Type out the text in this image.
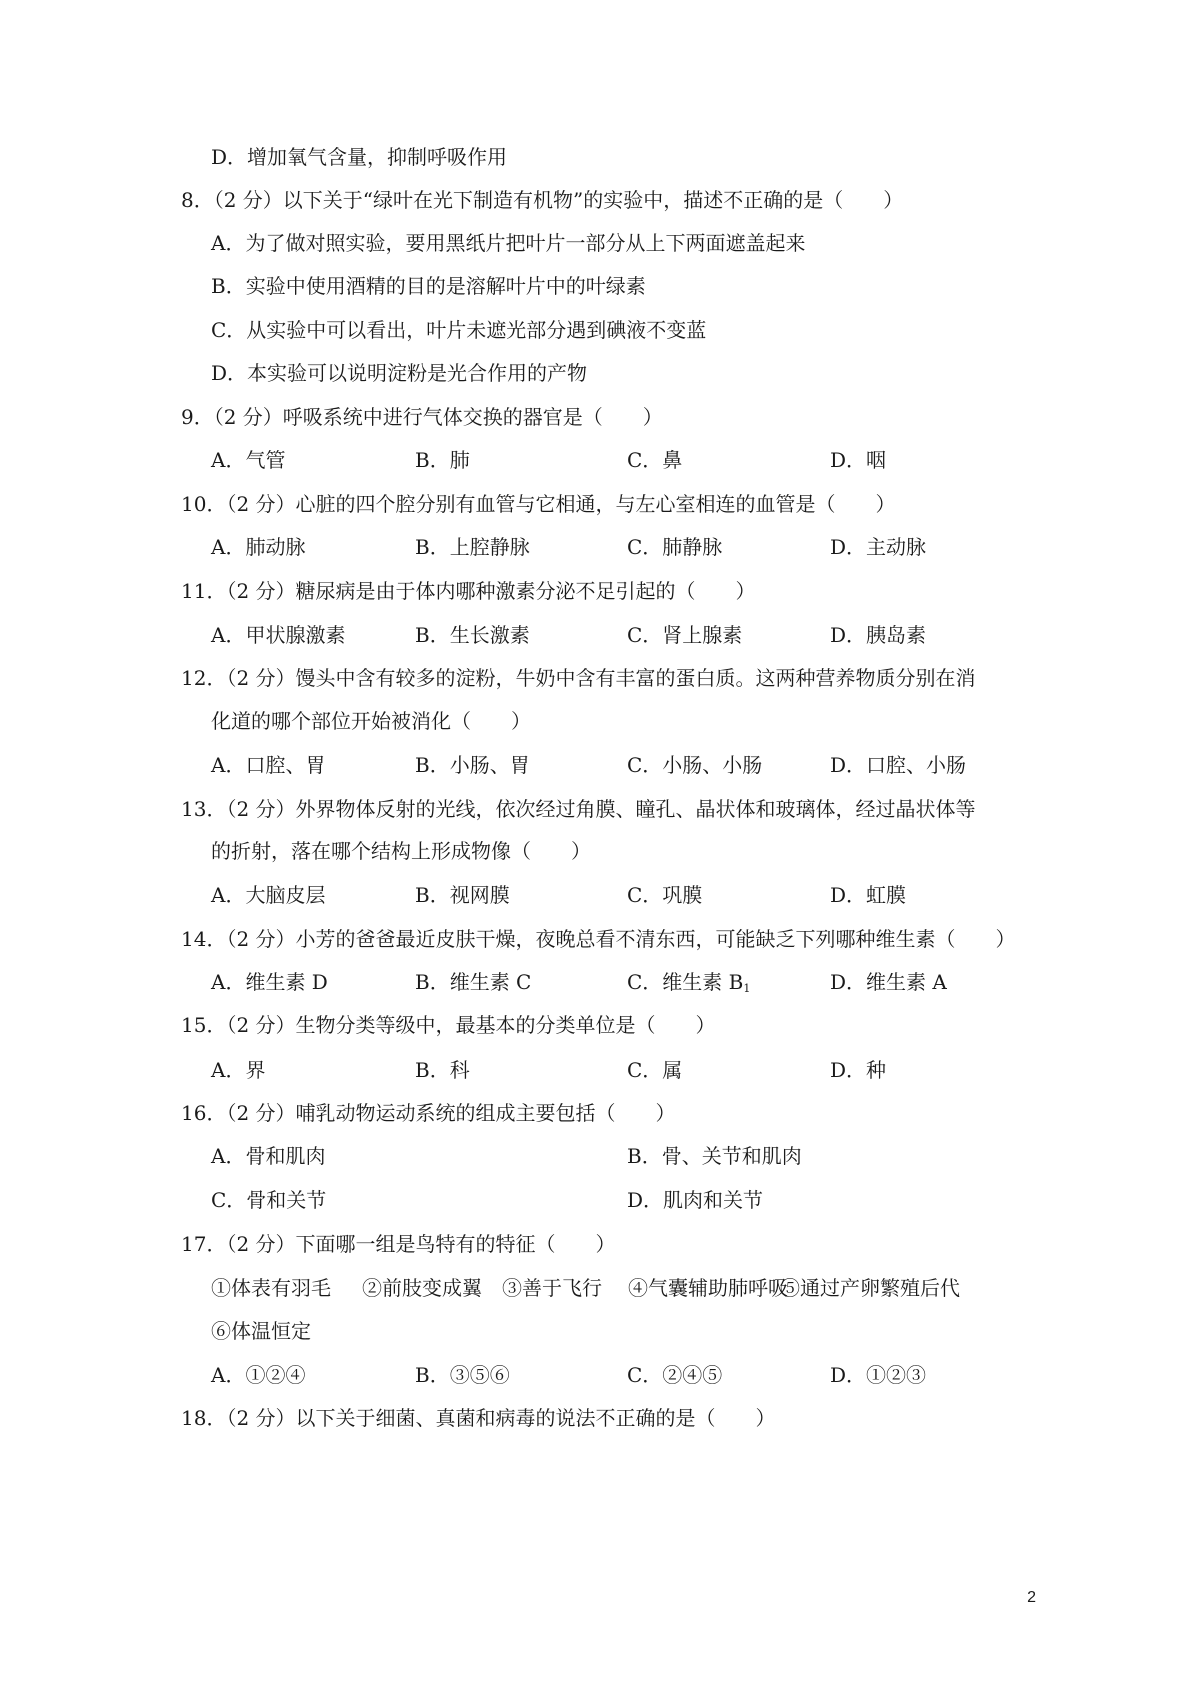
D．增加氧气含量，抑制呼吸作用
8．（2 分）以下关于“绿叶在光下制造有机物”的实验中，描述不正确的是（　　）
A．为了做对照实验，要用黑纸片把叶片一部分从上下两面遮盖起来
B．实验中使用酒精的目的是溶解叶片中的叶绿素
C．从实验中可以看出，叶片未遮光部分遇到碘液不变蓝
D．本实验可以说明淀粉是光合作用的产物
9．（2 分）呼吸系统中进行气体交换的器官是（　　）
A．气管	B．肺	C．鼻	D．咽
10．（2 分）心脏的四个腔分别有血管与它相通，与左心室相连的血管是（　　）
A．肺动脉	B．上腔静脉	C．肺静脉	D．主动脉
11．（2 分）糖尿病是由于体内哪种激素分泌不足引起的（　　）
A．甲状腺激素	B．生长激素	C．肾上腺素	D．胰岛素
12．（2 分）馒头中含有较多的淀粉，牛奶中含有丰富的蛋白质。这两种营养物质分别在消
化道的哪个部位开始被消化（　　）
A．口腔、胃	B．小肠、胃	C．小肠、小肠	D．口腔、小肠
13．（2 分）外界物体反射的光线，依次经过角膜、瞳孔、晶状体和玻璃体，经过晶状体等
的折射，落在哪个结构上形成物像（　　）
A．大脑皮层	B．视网膜	C．巩膜	D．虹膜
14．（2 分）小芳的爸爸最近皮肤干燥，夜晚总看不清东西，可能缺乏下列哪种维生素（　　）
A．维生素 D	B．维生素 C	C．维生素 $B_1$	D．维生素 A
15．（2 分）生物分类等级中，最基本的分类单位是（　　）
A．界	B．科	C．属	D．种
16．（2 分）哺乳动物运动系统的组成主要包括（　　）
A．骨和肌肉	B．骨、关节和肌肉
C．骨和关节	D．肌肉和关节
17．（2 分）下面哪一组是鸟特有的特征（　　）
①体表有羽毛 ②前肢变成翼 ③善于飞行 ④气囊辅助肺呼吸
⑤通过产卵繁殖后代
⑥体温恒定
A．①②④	B．③⑤⑥	C．②④⑤	D．①②③
18．（2 分）以下关于细菌、真菌和病毒的说法不正确的是（　　）
2
